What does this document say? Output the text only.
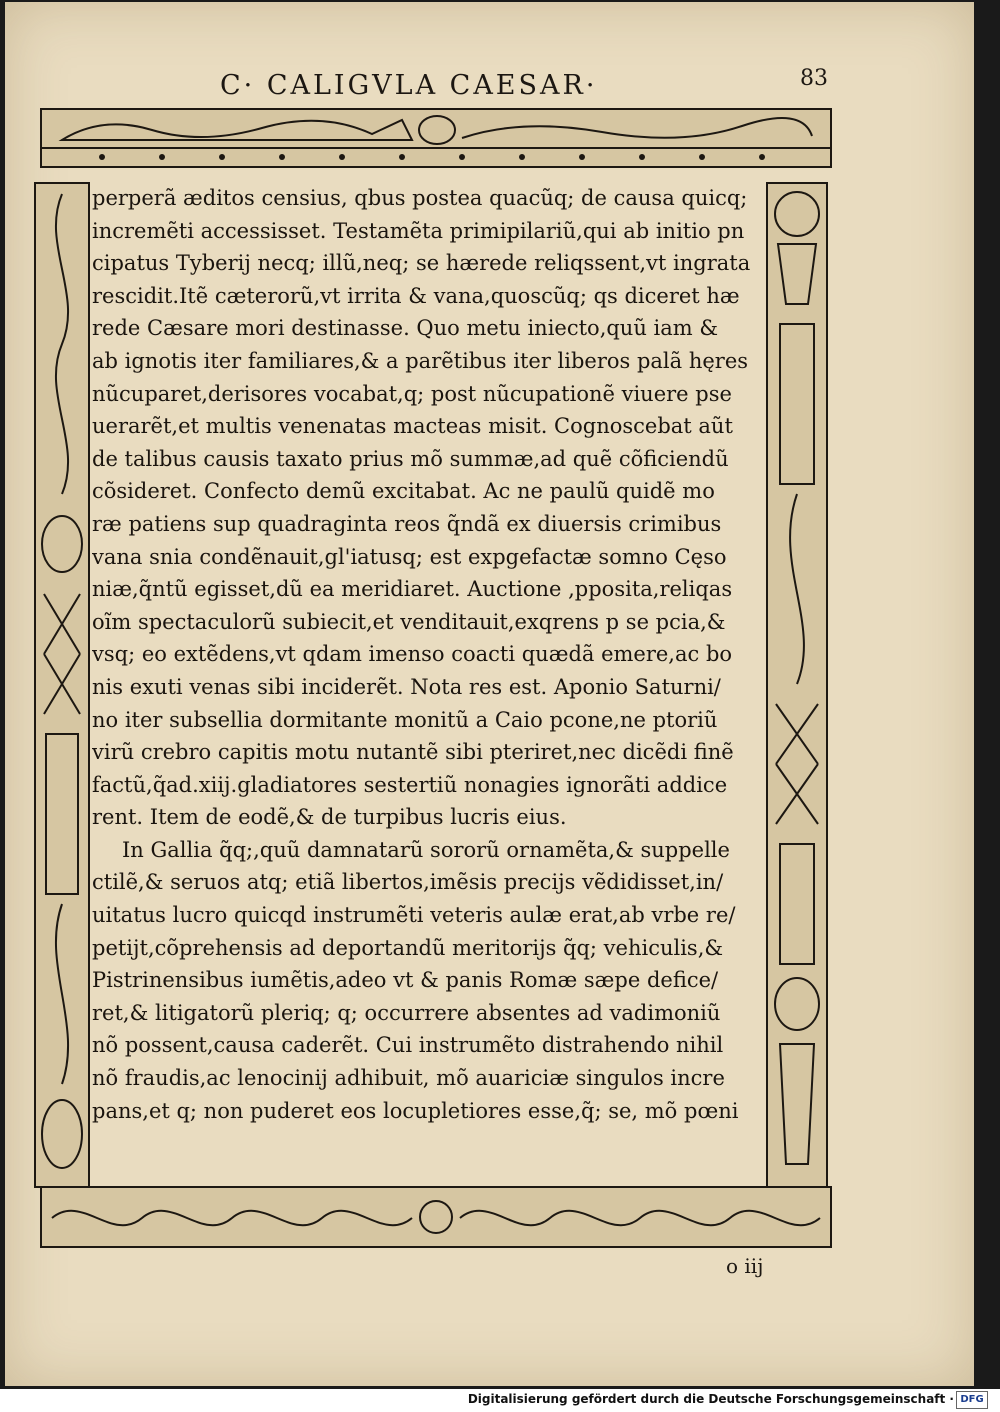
C· CALIGVLA CAESAR·	83
perperã æditos censius, qbus postea quacũq; de causa quicq;
incremẽti accessisset. Testamẽta primipilariũ,qui ab initio pn
cipatus Tyberij necq; illũ,neq; se hærede reliqssent,vt ingrata
rescidit.Itẽ cæterorũ,vt irrita & vana,quoscũq; qs diceret hæ
rede Cæsare mori destinasse. Quo metu iniecto,quũ iam &
ab ignotis iter familiares,& a parẽtibus iter liberos palã hęres
nũcuparet,derisores vocabat,q; post nũcupationẽ viuere pse
uerarẽt,et multis venenatas macteas misit. Cognoscebat aũt
de talibus causis taxato prius mõ summæ,ad quẽ cõficiendũ
cõsideret. Confecto demũ excitabat. Ac ne paulũ quidẽ mo
ræ patiens sup quadraginta reos q̃ndã ex diuersis crimibus
vana snia condẽnauit,gl'iatusq; est expgefactæ somno Cęso
niæ,q̃ntũ egisset,dũ ea meridiaret. Auctione ,pposita,reliqas
oĩm spectaculorũ subiecit,et venditauit,exqrens p se pcia,&
vsq; eo extẽdens,vt qdam imenso coacti quædã emere,ac bo
nis exuti venas sibi inciderẽt. Nota res est. Aponio Saturni/
no iter subsellia dormitante monitũ a Caio pcone,ne ptoriũ
virũ crebro capitis motu nutantẽ sibi pteriret,nec dicẽdi finẽ
factũ,q̃ad.xiij.gladiatores sestertiũ nonagies ignorãti addice
rent. Item de eodẽ,& de turpibus lucris eius.
In Gallia q̃q;,quũ damnatarũ sororũ ornamẽta,& suppelle
ctilẽ,& seruos atq; etiã libertos,imẽsis precijs vẽdidisset,in/
uitatus lucro quicqd instrumẽti veteris aulæ erat,ab vrbe re/
petijt,cõprehensis ad deportandũ meritorijs q̃q; vehiculis,&
Pistrinensibus iumẽtis,adeo vt & panis Romæ sæpe defice/
ret,& litigatorũ pleriq; q; occurrere absentes ad vadimoniũ
nõ possent,causa caderẽt. Cui instrumẽto distrahendo nihil
nõ fraudis,ac lenocinij adhibuit, mõ auariciæ singulos incre
pans,et q; non puderet eos locupletiores esse,q̃; se, mõ pœni
o iij
Digitalisierung gefördert durch die Deutsche Forschungsgemeinschaft · DFG
